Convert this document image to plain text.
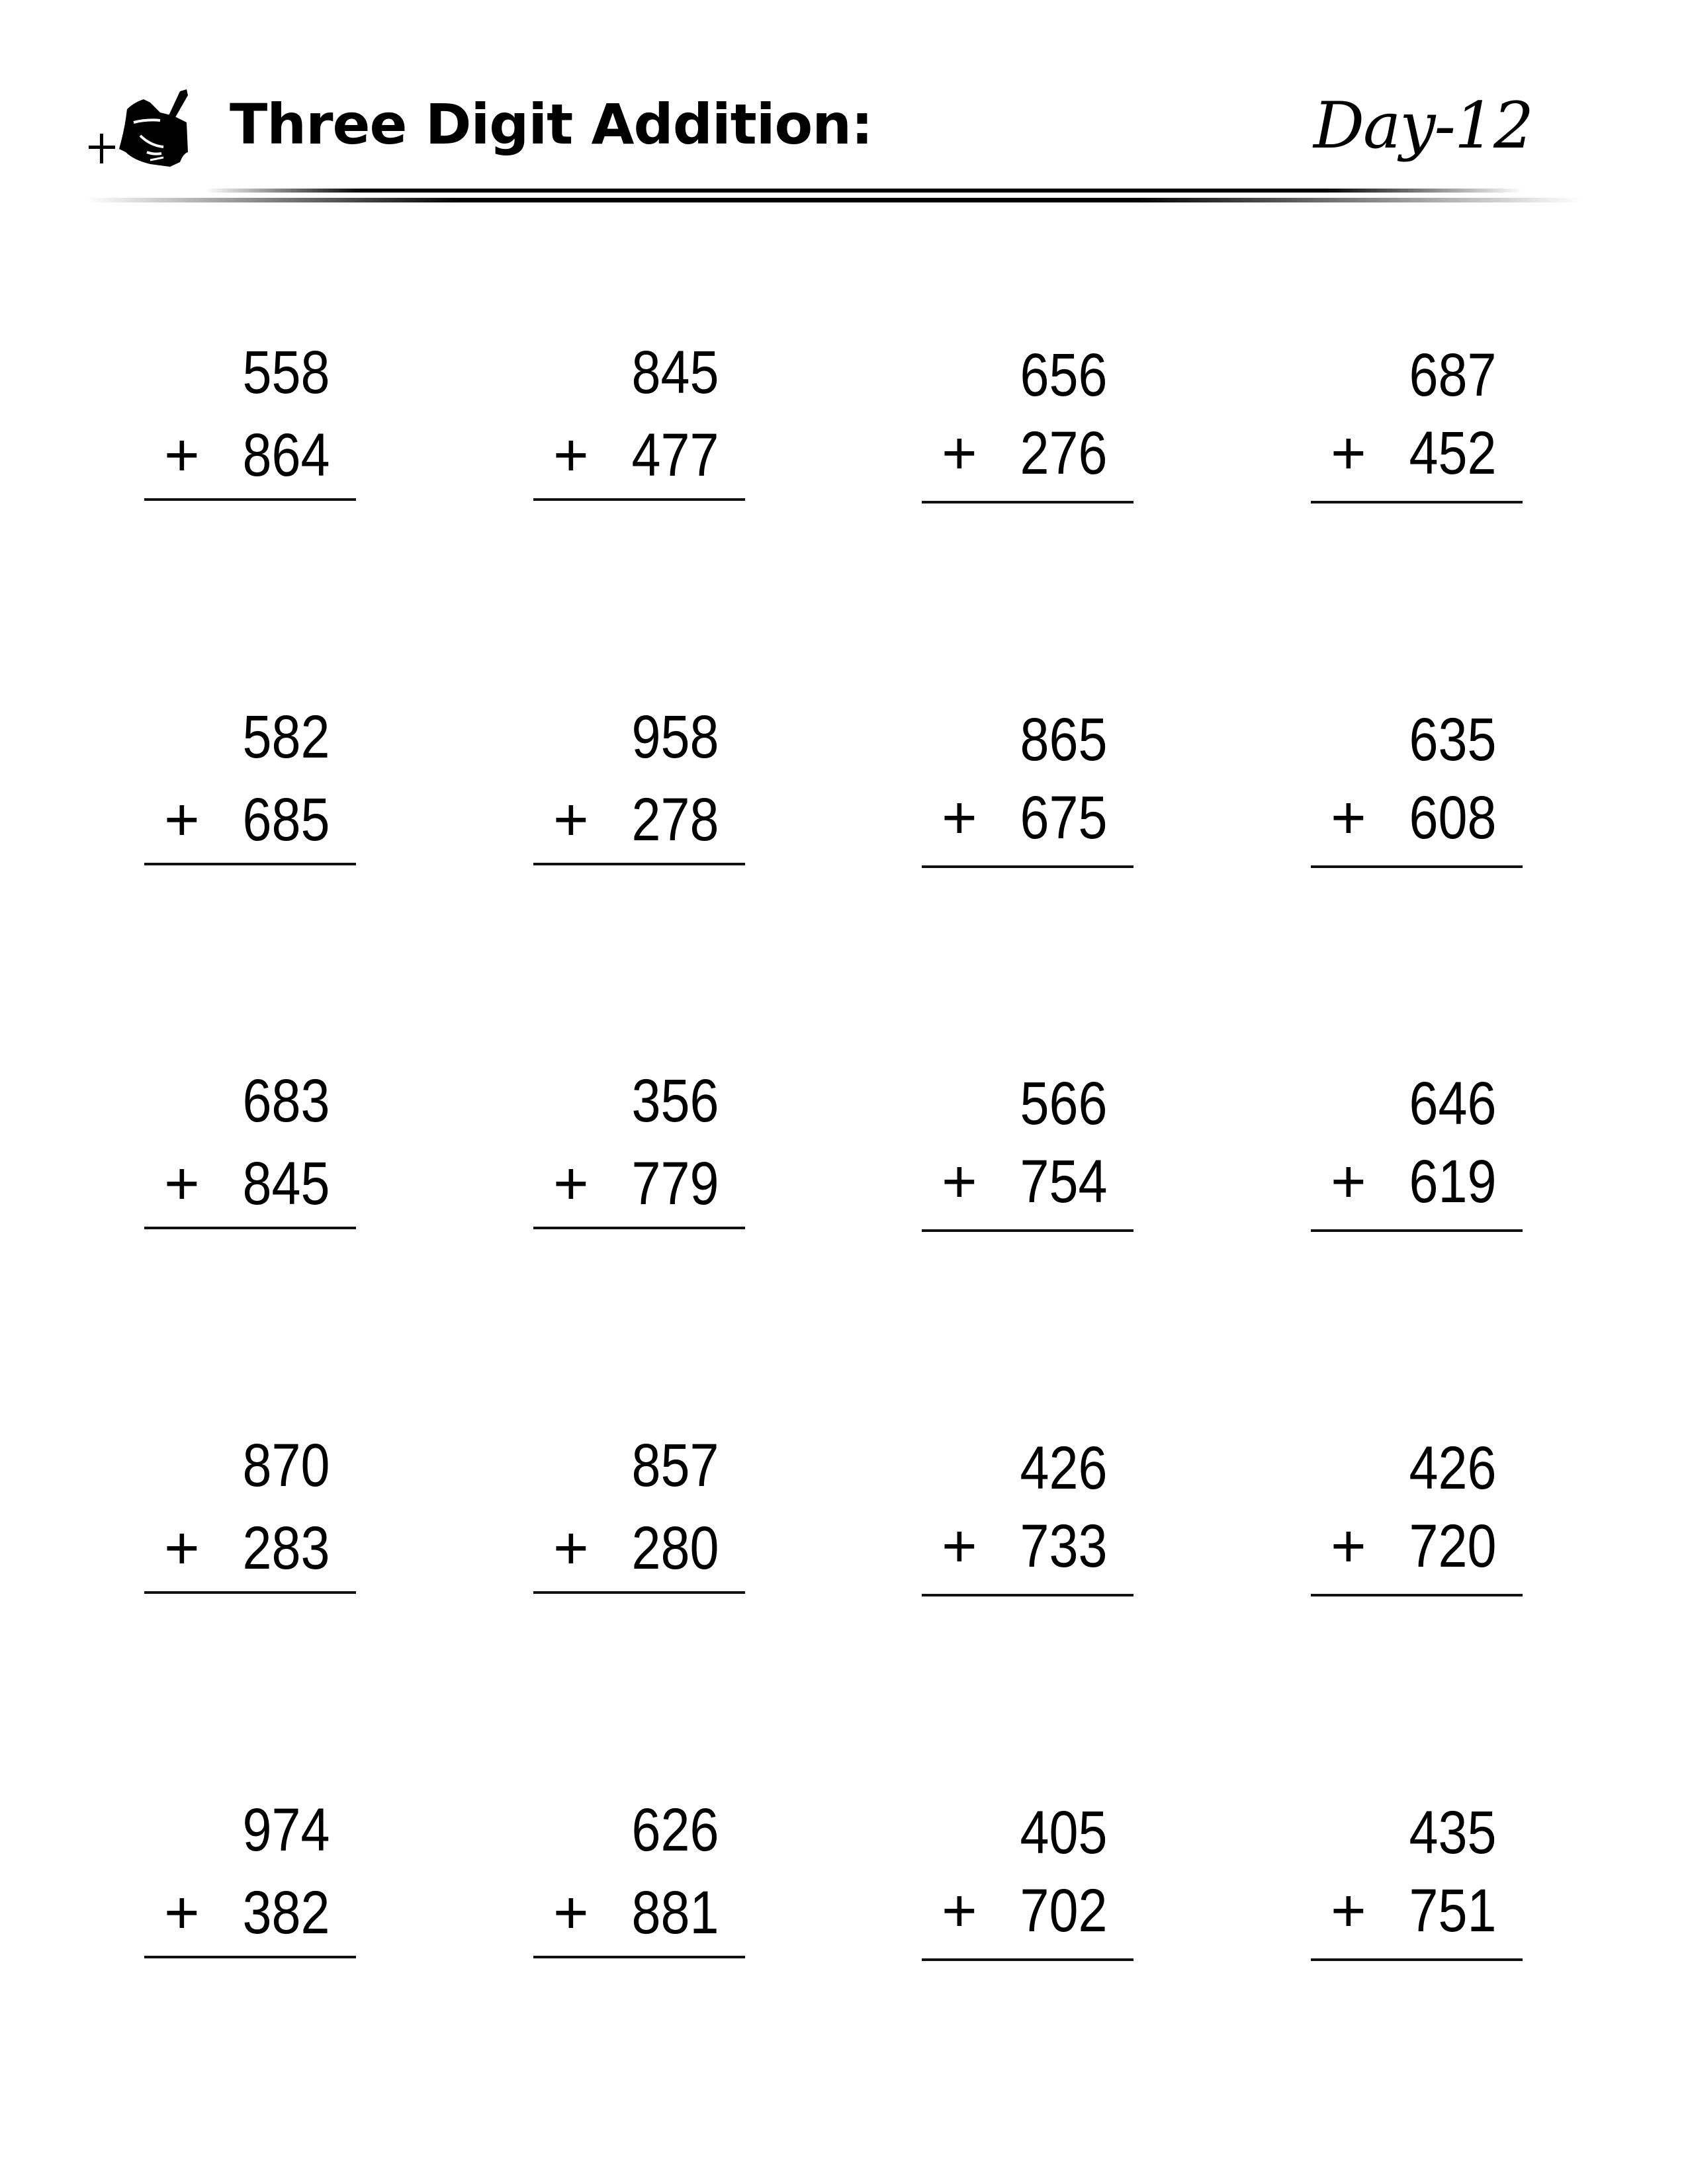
Three Digit Addition:	Day-12
558
+ 864
845
+ 477
656
+ 276
687
+ 452
582
+ 685
958
+ 278
865
+ 675
635
+ 608
683
+ 845
356
+ 779
566
+ 754
646
+ 619
870
+ 283
857
+ 280
426
+ 733
426
+ 720
974
+ 382
626
+ 881
405
+ 702
435
+ 751
